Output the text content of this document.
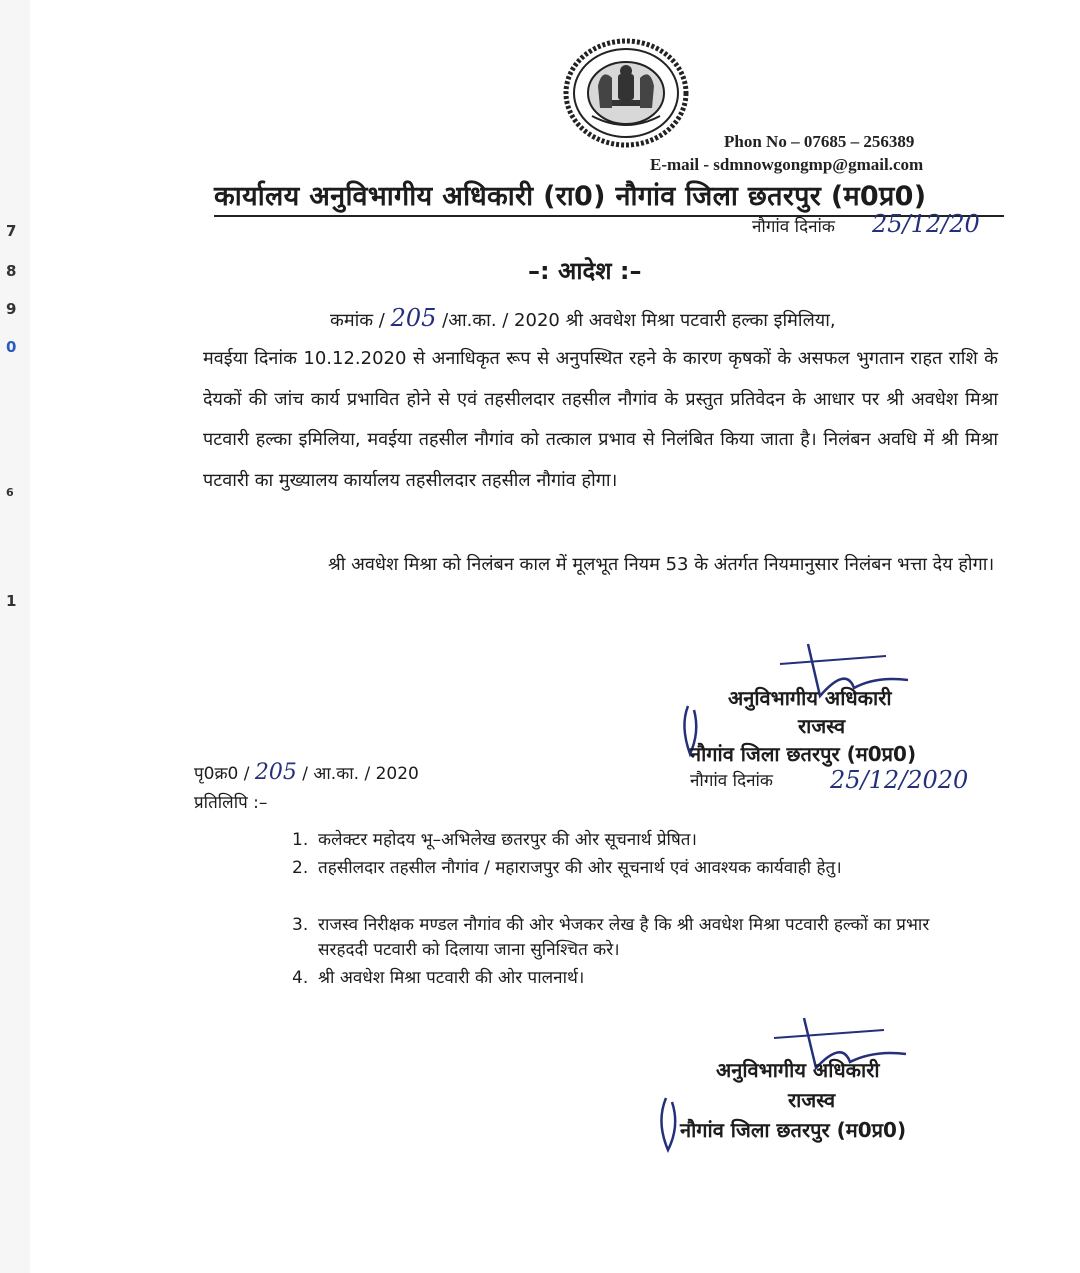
7
8
9
0
6
1
Phon No – 07685 – 256389
E-mail - sdmnowgongmp@gmail.com
कार्यालय अनुविभागीय अधिकारी (रा0) नौगांव जिला छतरपुर (म0प्र0)
नौगांव दिनांक 25/12/20
–: आदेश :–
कमांक / 205 /आ.का. / 2020 श्री अवधेश मिश्रा पटवारी हल्का इमिलिया,
मवईया दिनांक 10.12.2020 से अनाधिकृत रूप से अनुपस्थित रहने के कारण कृषकों के असफल भुगतान राहत राशि के देयकों की जांच कार्य प्रभावित होने से एवं तहसीलदार तहसील नौगांव के प्रस्तुत प्रतिवेदन के आधार पर श्री अवधेश मिश्रा पटवारी हल्का इमिलिया, मवईया तहसील नौगांव को तत्काल प्रभाव से निलंबित किया जाता है। निलंबन अवधि में श्री मिश्रा पटवारी का मुख्यालय कार्यालय तहसीलदार तहसील नौगांव होगा।
श्री अवधेश मिश्रा को निलंबन काल में मूलभूत नियम 53 के अंतर्गत नियमानुसार निलंबन भत्ता देय होगा।
अनुविभागीय अधिकारी
राजस्व
नौगांव जिला छतरपुर (म0प्र0)
नौगांव दिनांक 25/12/2020
पृ0क्र0 / 205 / आ.का. / 2020
प्रतिलिपि :–
1. कलेक्टर महोदय भू–अभिलेख छतरपुर की ओर सूचनार्थ प्रेषित।
2. तहसीलदार तहसील नौगांव / महाराजपुर की ओर सूचनार्थ एवं आवश्यक कार्यवाही हेतु।
3. राजस्व निरीक्षक मण्डल नौगांव की ओर भेजकर लेख है कि श्री अवधेश मिश्रा पटवारी हल्कों का प्रभार सरहददी पटवारी को दिलाया जाना सुनिश्चित करे।
4. श्री अवधेश मिश्रा पटवारी की ओर पालनार्थ।
अनुविभागीय अधिकारी
राजस्व
नौगांव जिला छतरपुर (म0प्र0)
